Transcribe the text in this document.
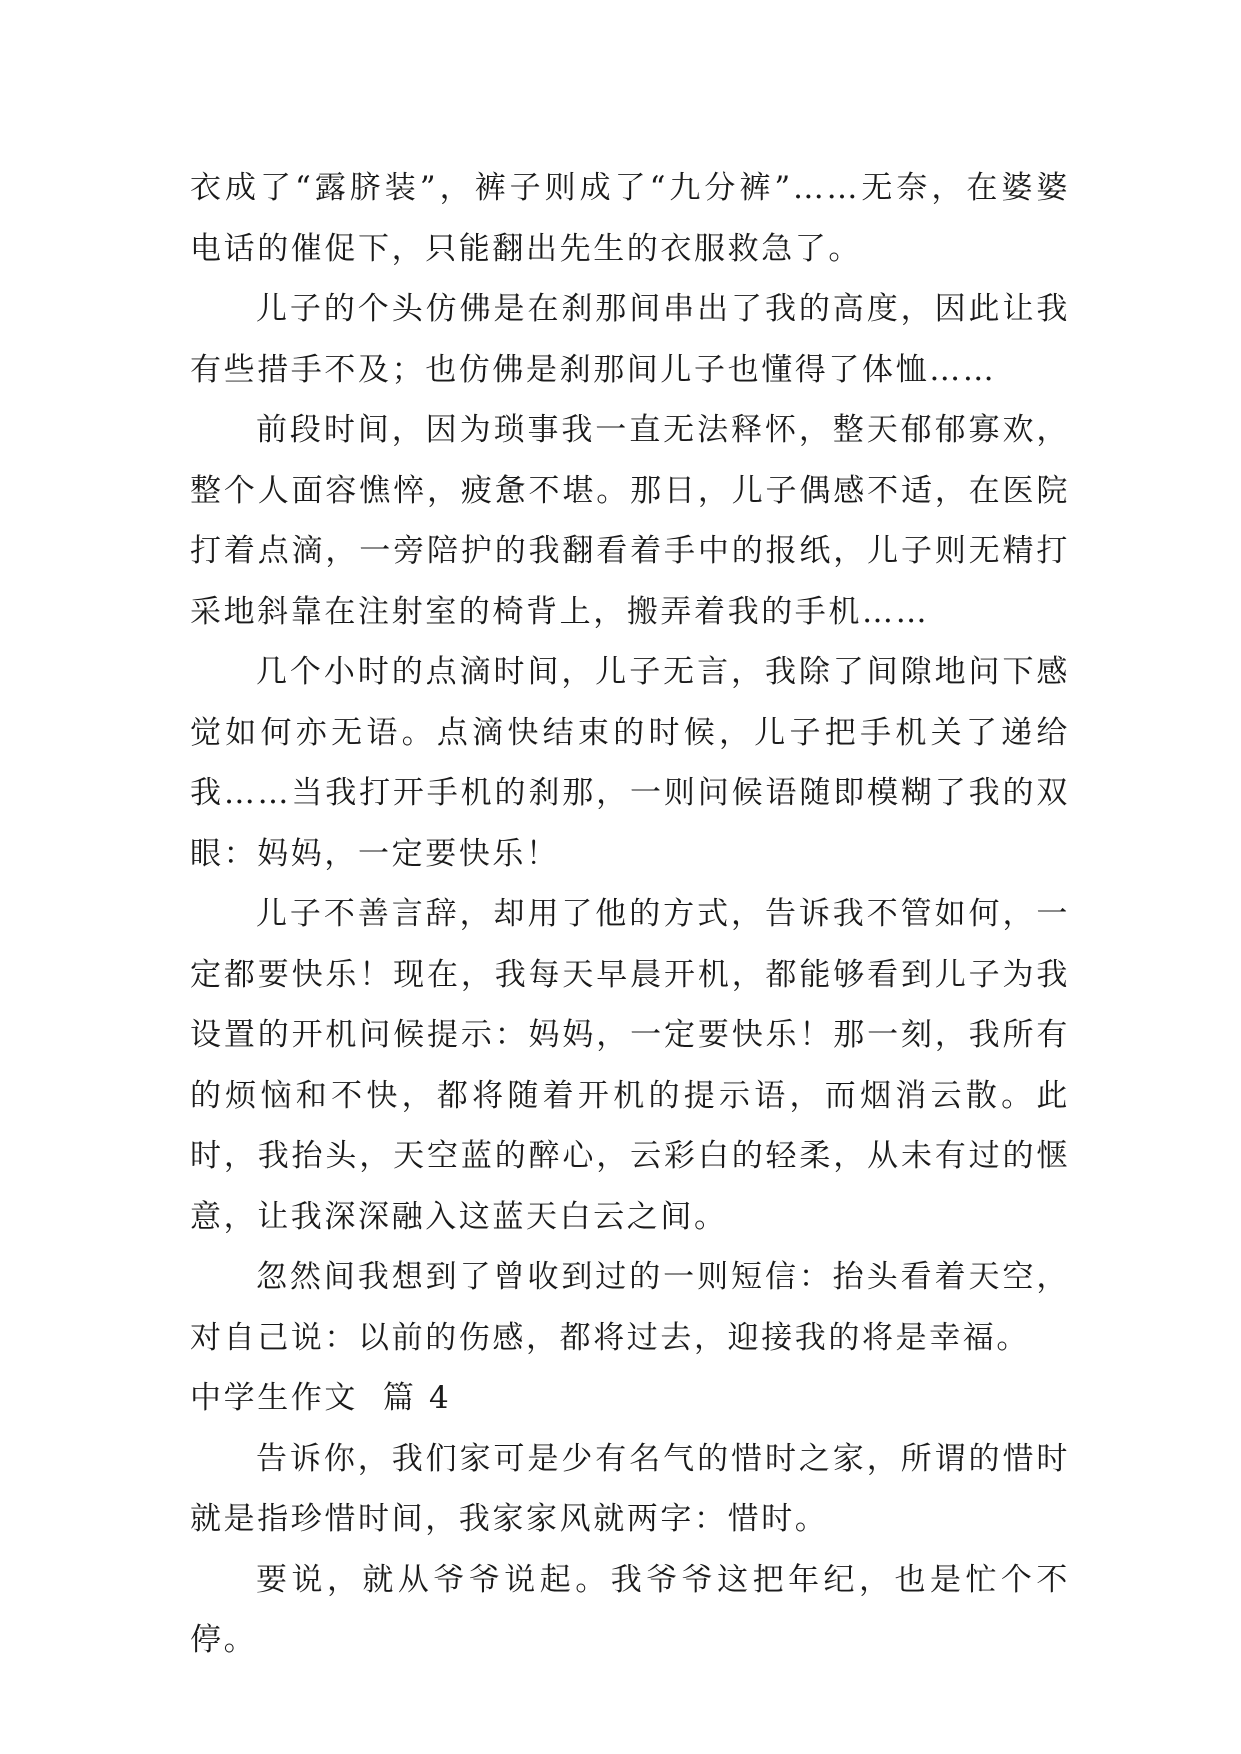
衣成了“露脐装”，裤子则成了“九分裤”……无奈，在婆婆电话的催促下，只能翻出先生的衣服救急了。

儿子的个头仿佛是在刹那间串出了我的高度，因此让我有些措手不及；也仿佛是刹那间儿子也懂得了体恤……

前段时间，因为琐事我一直无法释怀，整天郁郁寡欢，整个人面容憔悴，疲惫不堪。那日，儿子偶感不适，在医院打着点滴，一旁陪护的我翻看着手中的报纸，儿子则无精打采地斜靠在注射室的椅背上，搬弄着我的手机……

几个小时的点滴时间，儿子无言，我除了间隙地问下感觉如何亦无语。点滴快结束的时候，儿子把手机关了递给我……当我打开手机的刹那，一则问候语随即模糊了我的双眼：妈妈，一定要快乐！

儿子不善言辞，却用了他的方式，告诉我不管如何，一定都要快乐！现在，我每天早晨开机，都能够看到儿子为我设置的开机问候提示：妈妈，一定要快乐！那一刻，我所有的烦恼和不快，都将随着开机的提示语，而烟消云散。此时，我抬头，天空蓝的醉心，云彩白的轻柔，从未有过的惬意，让我深深融入这蓝天白云之间。

忽然间我想到了曾收到过的一则短信：抬头看着天空，对自己说：以前的伤感，都将过去，迎接我的将是幸福。

中学生作文  篇 4

告诉你，我们家可是少有名气的惜时之家，所谓的惜时就是指珍惜时间，我家家风就两字：惜时。

要说，就从爷爷说起。我爷爷这把年纪，也是忙个不停。
